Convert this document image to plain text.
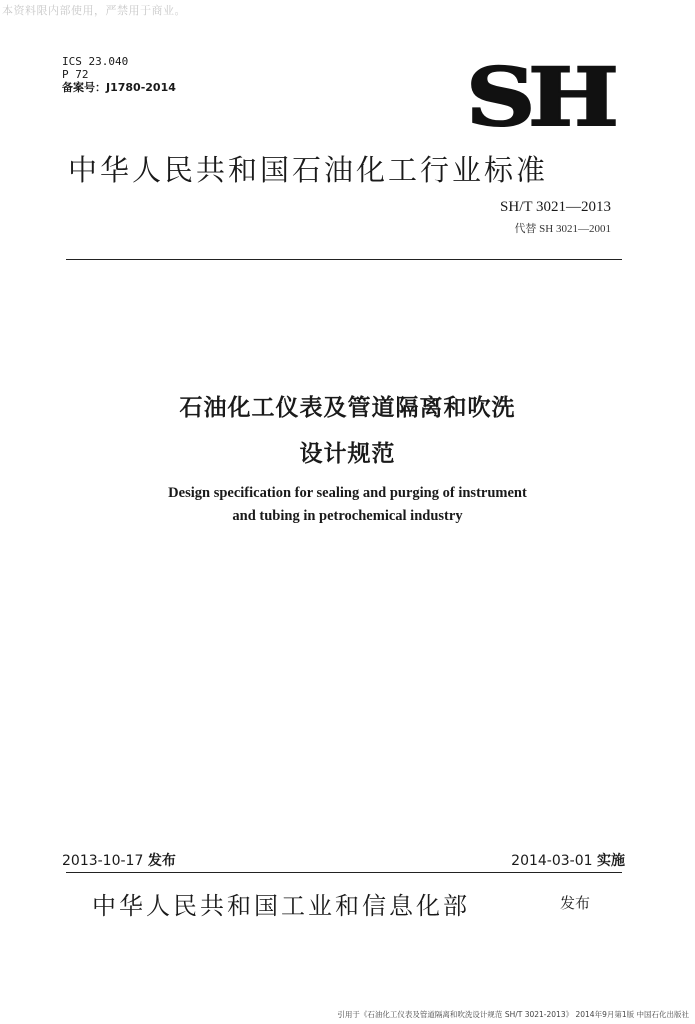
本资料限内部使用，严禁用于商业。
ICS 23.040
P 72
备案号：J1780-2014	SH
中华人民共和国石油化工行业标准
SH/T 3021—2013
代替 SH 3021—2001
石油化工仪表及管道隔离和吹洗
设计规范
Design specification for sealing and purging of instrument
and tubing in petrochemical industry
2013-10-17 发布	2014-03-01 实施
中华人民共和国工业和信息化部	发布
引用于《石油化工仪表及管道隔离和吹洗设计规范 SH/T 3021-2013》 2014年9月第1版 中国石化出版社
